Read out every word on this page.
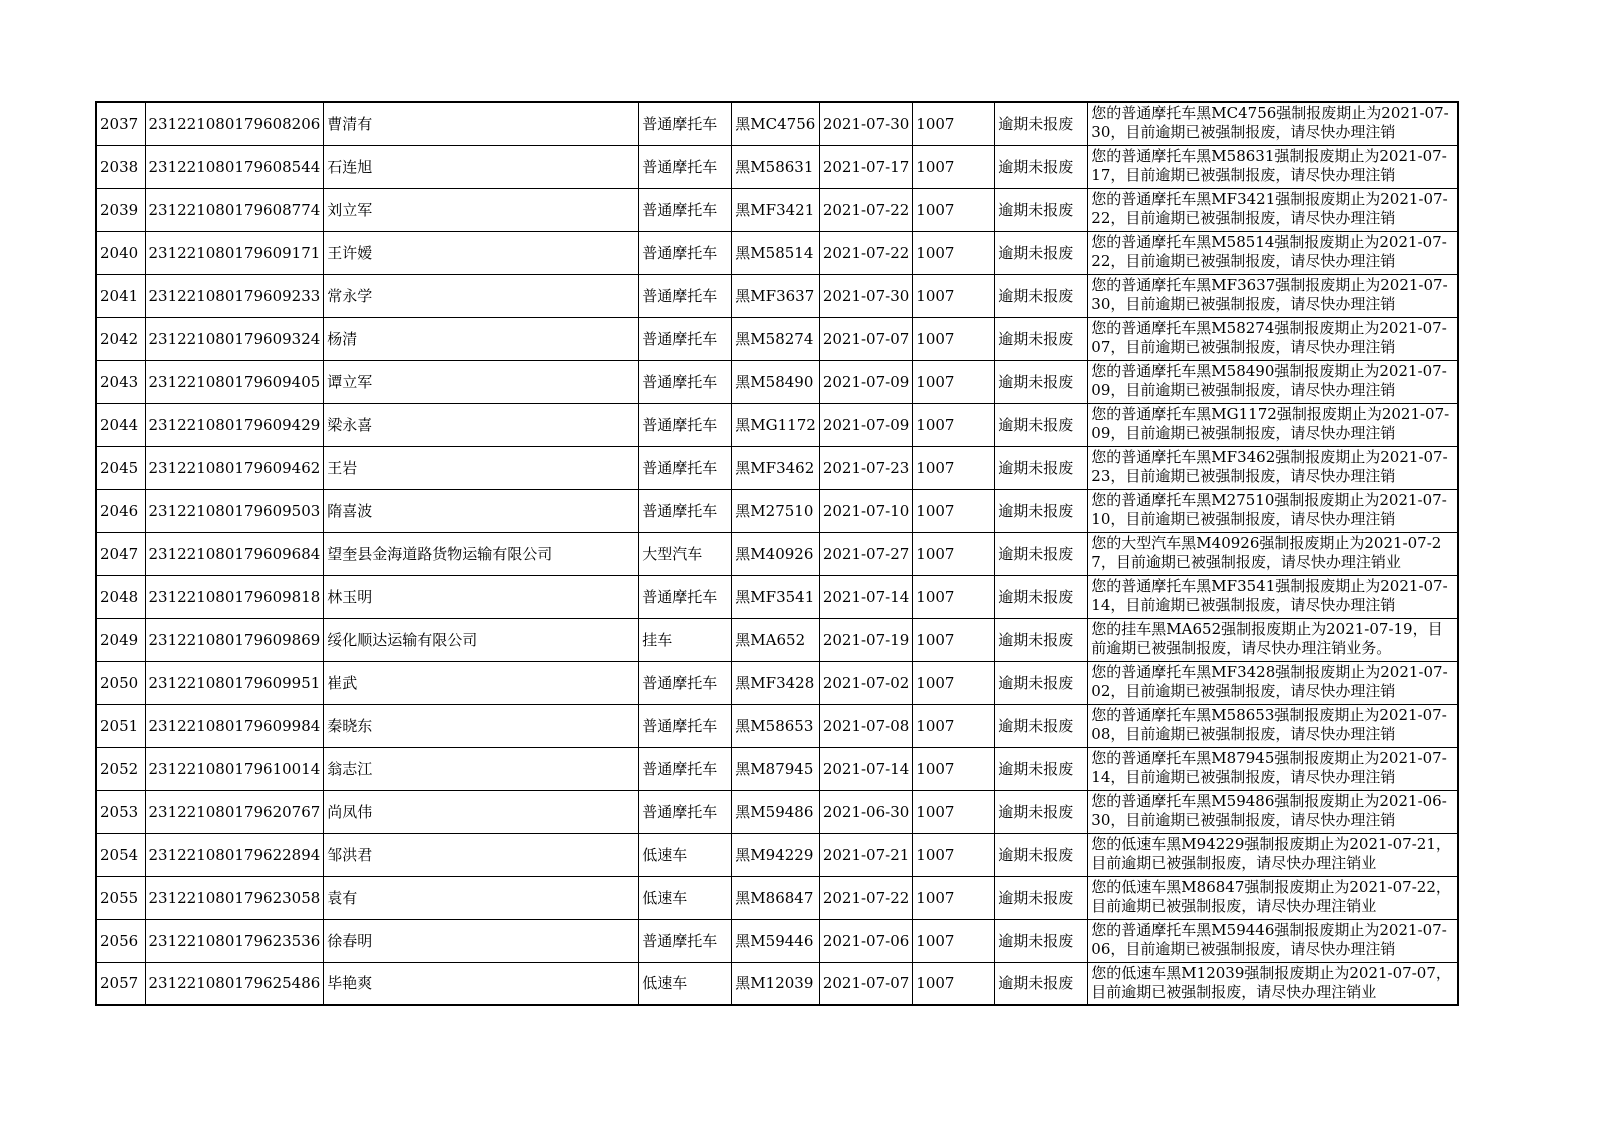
2037	231221080179608206	曹清有	普通摩托车	黑MC4756	2021-07-30	1007	逾期未报废	您的普通摩托车黑MC4756强制报废期止为2021-07-30，目前逾期已被强制报废，请尽快办理注销
2038	231221080179608544	石连旭	普通摩托车	黑M58631	2021-07-17	1007	逾期未报废	您的普通摩托车黑M58631强制报废期止为2021-07-17，目前逾期已被强制报废，请尽快办理注销
2039	231221080179608774	刘立军	普通摩托车	黑MF3421	2021-07-22	1007	逾期未报废	您的普通摩托车黑MF3421强制报废期止为2021-07-22，目前逾期已被强制报废，请尽快办理注销
2040	231221080179609171	王许嫒	普通摩托车	黑M58514	2021-07-22	1007	逾期未报废	您的普通摩托车黑M58514强制报废期止为2021-07-22，目前逾期已被强制报废，请尽快办理注销
2041	231221080179609233	常永学	普通摩托车	黑MF3637	2021-07-30	1007	逾期未报废	您的普通摩托车黑MF3637强制报废期止为2021-07-30，目前逾期已被强制报废，请尽快办理注销
2042	231221080179609324	杨清	普通摩托车	黑M58274	2021-07-07	1007	逾期未报废	您的普通摩托车黑M58274强制报废期止为2021-07-07，目前逾期已被强制报废，请尽快办理注销
2043	231221080179609405	谭立军	普通摩托车	黑M58490	2021-07-09	1007	逾期未报废	您的普通摩托车黑M58490强制报废期止为2021-07-09，目前逾期已被强制报废，请尽快办理注销
2044	231221080179609429	梁永喜	普通摩托车	黑MG1172	2021-07-09	1007	逾期未报废	您的普通摩托车黑MG1172强制报废期止为2021-07-09，目前逾期已被强制报废，请尽快办理注销
2045	231221080179609462	王岩	普通摩托车	黑MF3462	2021-07-23	1007	逾期未报废	您的普通摩托车黑MF3462强制报废期止为2021-07-23，目前逾期已被强制报废，请尽快办理注销
2046	231221080179609503	隋喜波	普通摩托车	黑M27510	2021-07-10	1007	逾期未报废	您的普通摩托车黑M27510强制报废期止为2021-07-10，目前逾期已被强制报废，请尽快办理注销
2047	231221080179609684	望奎县金海道路货物运输有限公司	大型汽车	黑M40926	2021-07-27	1007	逾期未报废	您的大型汽车黑M40926强制报废期止为2021-07-27，目前逾期已被强制报废，请尽快办理注销业
2048	231221080179609818	林玉明	普通摩托车	黑MF3541	2021-07-14	1007	逾期未报废	您的普通摩托车黑MF3541强制报废期止为2021-07-14，目前逾期已被强制报废，请尽快办理注销
2049	231221080179609869	绥化顺达运输有限公司	挂车	黑MA652	2021-07-19	1007	逾期未报废	您的挂车黑MA652强制报废期止为2021-07-19，目前逾期已被强制报废，请尽快办理注销业务。
2050	231221080179609951	崔武	普通摩托车	黑MF3428	2021-07-02	1007	逾期未报废	您的普通摩托车黑MF3428强制报废期止为2021-07-02，目前逾期已被强制报废，请尽快办理注销
2051	231221080179609984	秦晓东	普通摩托车	黑M58653	2021-07-08	1007	逾期未报废	您的普通摩托车黑M58653强制报废期止为2021-07-08，目前逾期已被强制报废，请尽快办理注销
2052	231221080179610014	翁志江	普通摩托车	黑M87945	2021-07-14	1007	逾期未报废	您的普通摩托车黑M87945强制报废期止为2021-07-14，目前逾期已被强制报废，请尽快办理注销
2053	231221080179620767	尚凤伟	普通摩托车	黑M59486	2021-06-30	1007	逾期未报废	您的普通摩托车黑M59486强制报废期止为2021-06-30，目前逾期已被强制报废，请尽快办理注销
2054	231221080179622894	邹洪君	低速车	黑M94229	2021-07-21	1007	逾期未报废	您的低速车黑M94229强制报废期止为2021-07-21，目前逾期已被强制报废，请尽快办理注销业
2055	231221080179623058	袁有	低速车	黑M86847	2021-07-22	1007	逾期未报废	您的低速车黑M86847强制报废期止为2021-07-22，目前逾期已被强制报废，请尽快办理注销业
2056	231221080179623536	徐春明	普通摩托车	黑M59446	2021-07-06	1007	逾期未报废	您的普通摩托车黑M59446强制报废期止为2021-07-06，目前逾期已被强制报废，请尽快办理注销
2057	231221080179625486	毕艳爽	低速车	黑M12039	2021-07-07	1007	逾期未报废	您的低速车黑M12039强制报废期止为2021-07-07，目前逾期已被强制报废，请尽快办理注销业
